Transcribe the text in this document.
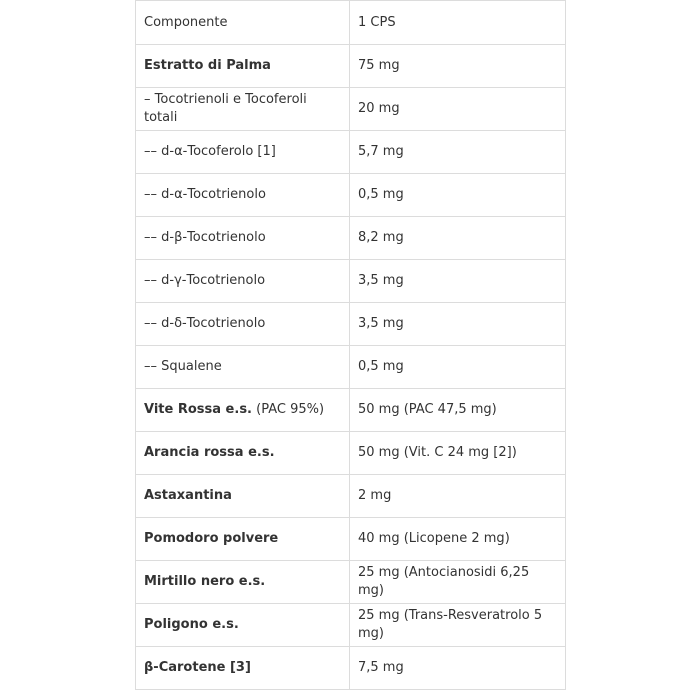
Componente	1 CPS
Estratto di Palma	75 mg
– Tocotrienoli e Tocoferoli totali	20 mg
–– d-α-Tocoferolo [1]	5,7 mg
–– d-α-Tocotrienolo	0,5 mg
–– d-β-Tocotrienolo	8,2 mg
–– d-γ-Tocotrienolo	3,5 mg
–– d-δ-Tocotrienolo	3,5 mg
–– Squalene	0,5 mg
Vite Rossa e.s. (PAC 95%)	50 mg (PAC 47,5 mg)
Arancia rossa e.s.	50 mg (Vit. C 24 mg [2])
Astaxantina	2 mg
Pomodoro polvere	40 mg (Licopene 2 mg)
Mirtillo nero e.s.	25 mg (Antocianosidi 6,25 mg)
Poligono e.s.	25 mg (Trans-Resveratrolo 5 mg)
β-Carotene [3]	7,5 mg
